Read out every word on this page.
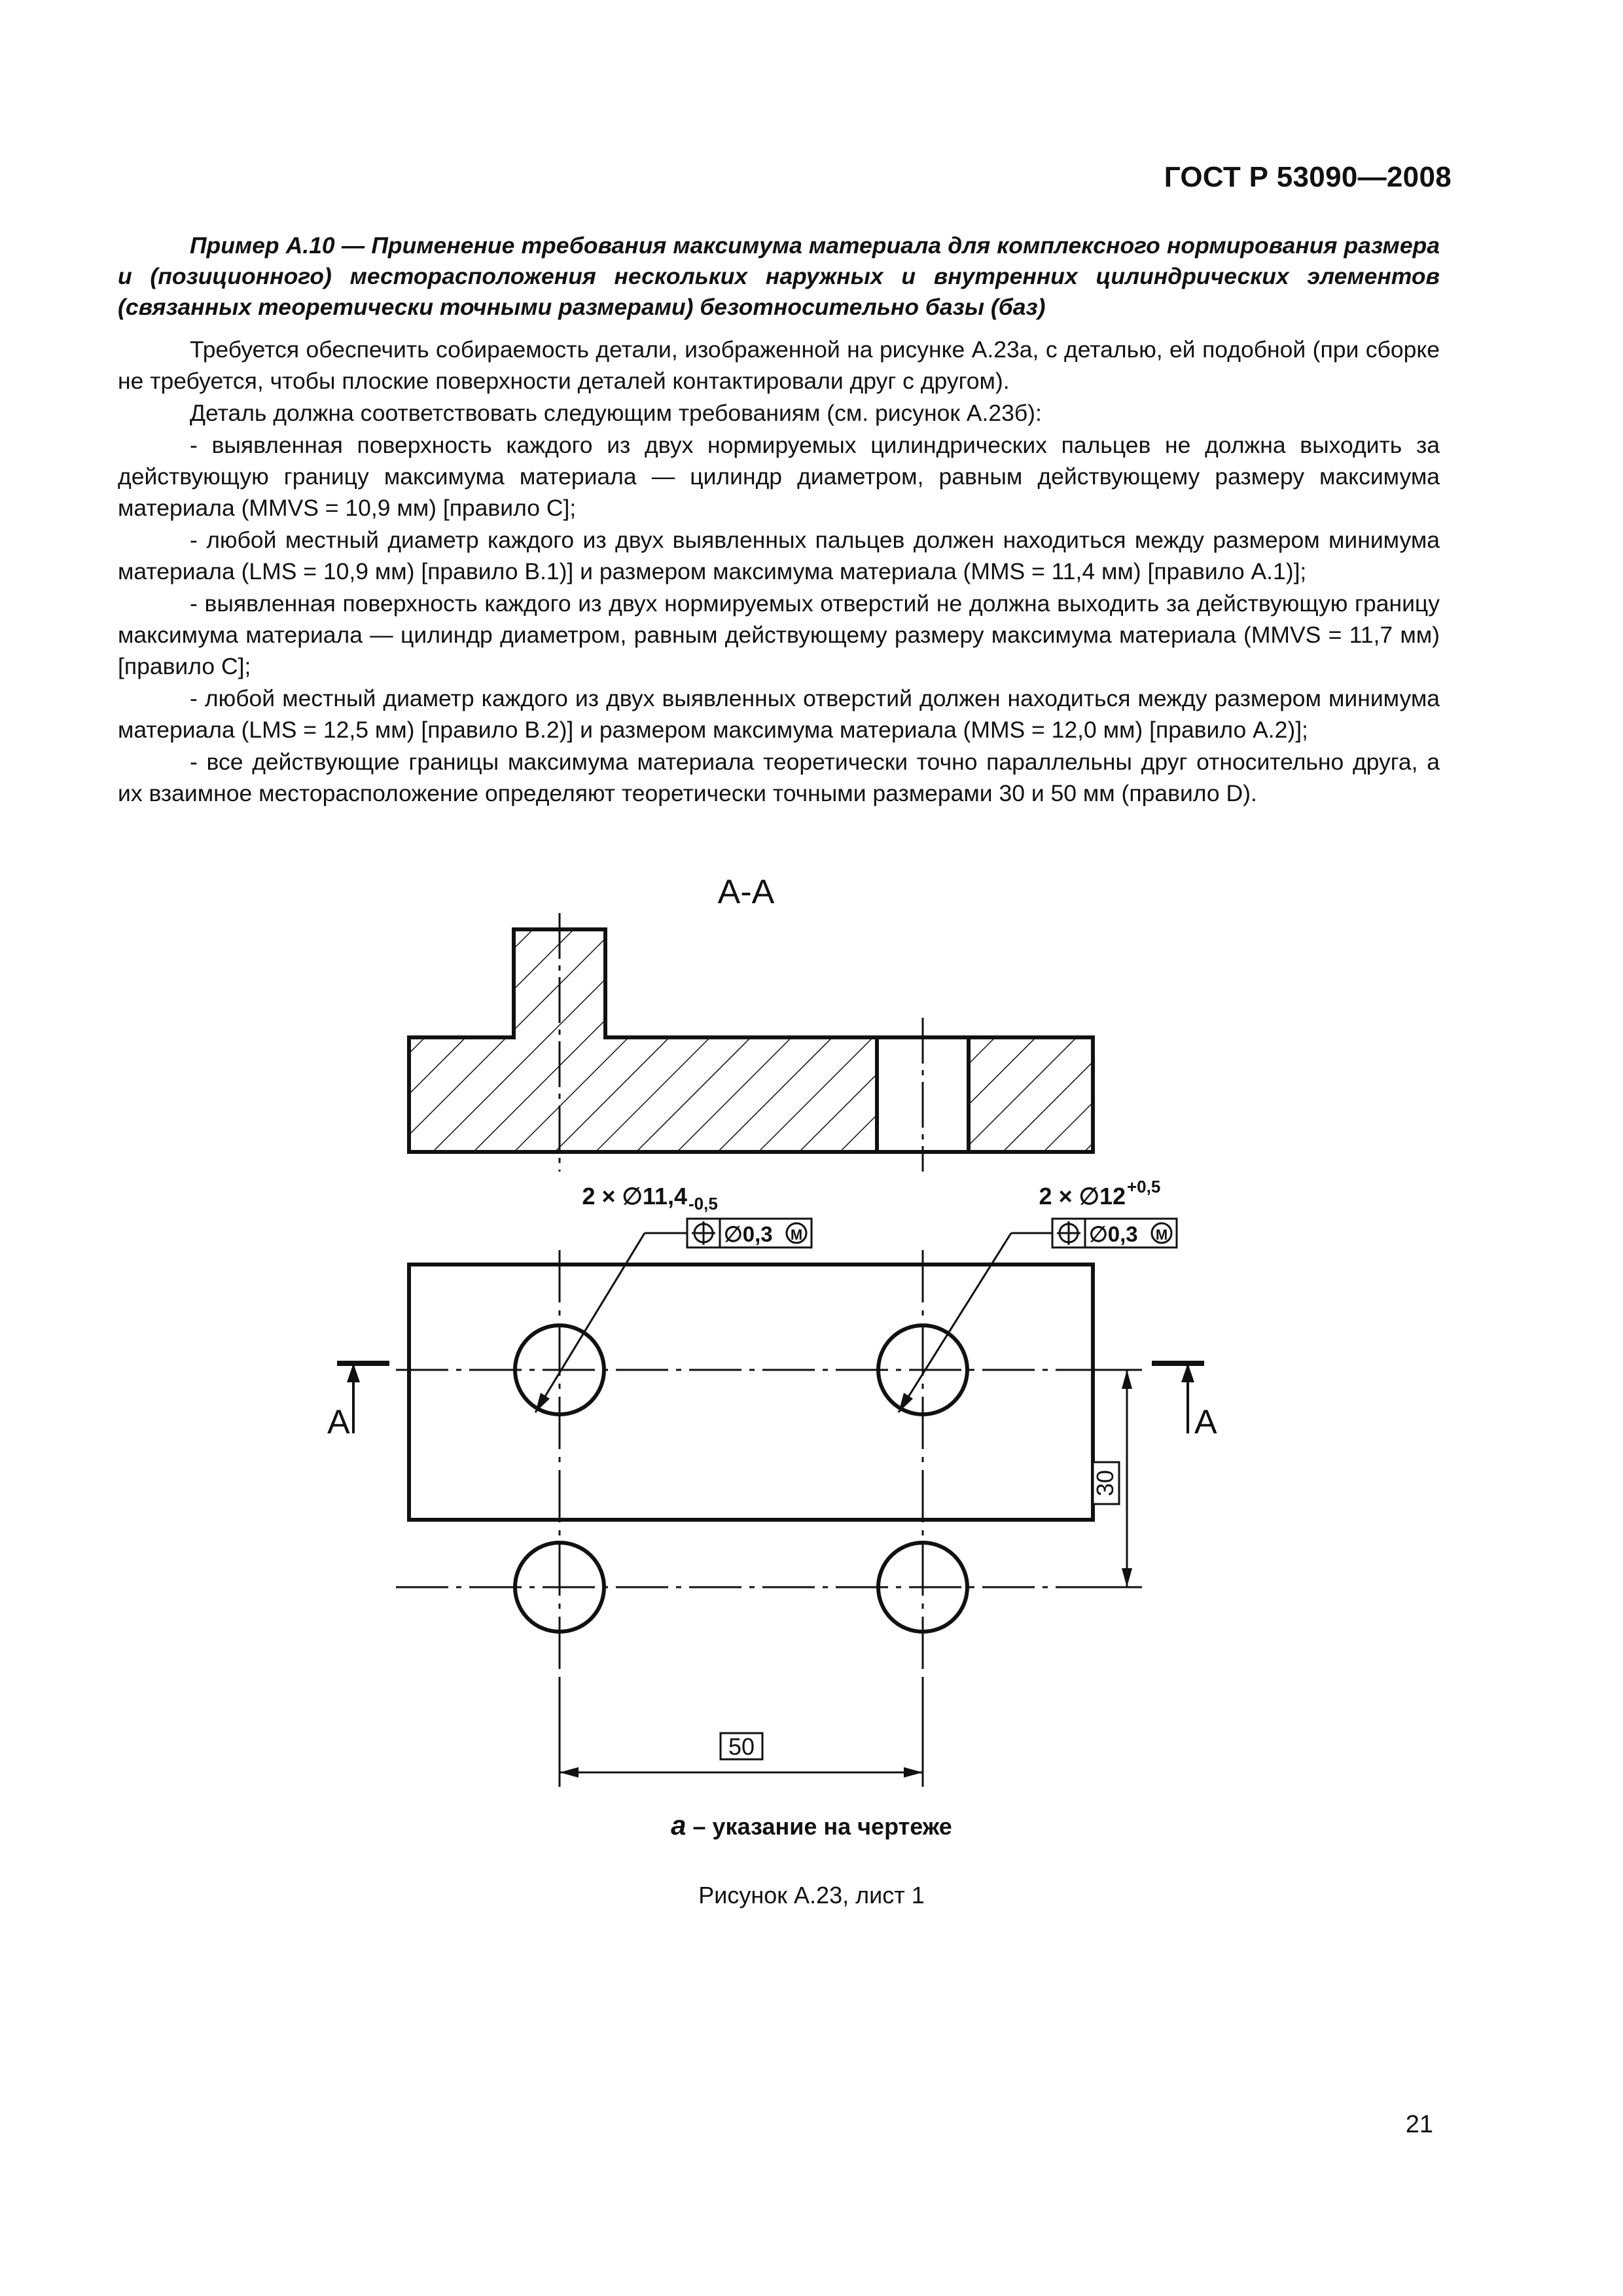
ГОСТ Р 53090—2008
Пример А.10 — Применение требования максимума материала для комплексного нормирования размера и (позиционного) месторасположения нескольких наружных и внутренних цилиндрических элементов (связанных теоретически точными размерами) безотносительно базы (баз)

Требуется обеспечить собираемость детали, изображенной на рисунке А.23а, с деталью, ей подобной (при сборке не требуется, чтобы плоские поверхности деталей контактировали друг с другом).

Деталь должна соответствовать следующим требованиям (см. рисунок А.23б):

- выявленная поверхность каждого из двух нормируемых цилиндрических пальцев не должна выходить за действующую границу максимума материала — цилиндр диаметром, равным действующему размеру максимума материала (MMVS = 10,9 мм) [правило С];

- любой местный диаметр каждого из двух выявленных пальцев должен находиться между размером минимума материала (LMS = 10,9 мм) [правило В.1)] и размером максимума материала (MMS = 11,4 мм) [правило А.1)];

- выявленная поверхность каждого из двух нормируемых отверстий не должна выходить за действующую границу максимума материала — цилиндр диаметром, равным действующему размеру максимума материала (MMVS = 11,7 мм) [правило С];

- любой местный диаметр каждого из двух выявленных отверстий должен находиться между размером минимума материала (LMS = 12,5 мм) [правило В.2)] и размером максимума материала (MMS = 12,0 мм) [правило А.2)];

- все действующие границы максимума материала теоретически точно параллельны друг относительно друга, а их взаимное месторасположение определяют теоретически точными размерами 30 и 50 мм (правило D).

А-А
2 × ∅11,4 -0,5
∅0,3 M
2 × ∅12 +0,5
∅0,3 M
А	А
30
50
а – указание на чертеже
Рисунок А.23, лист 1
21
